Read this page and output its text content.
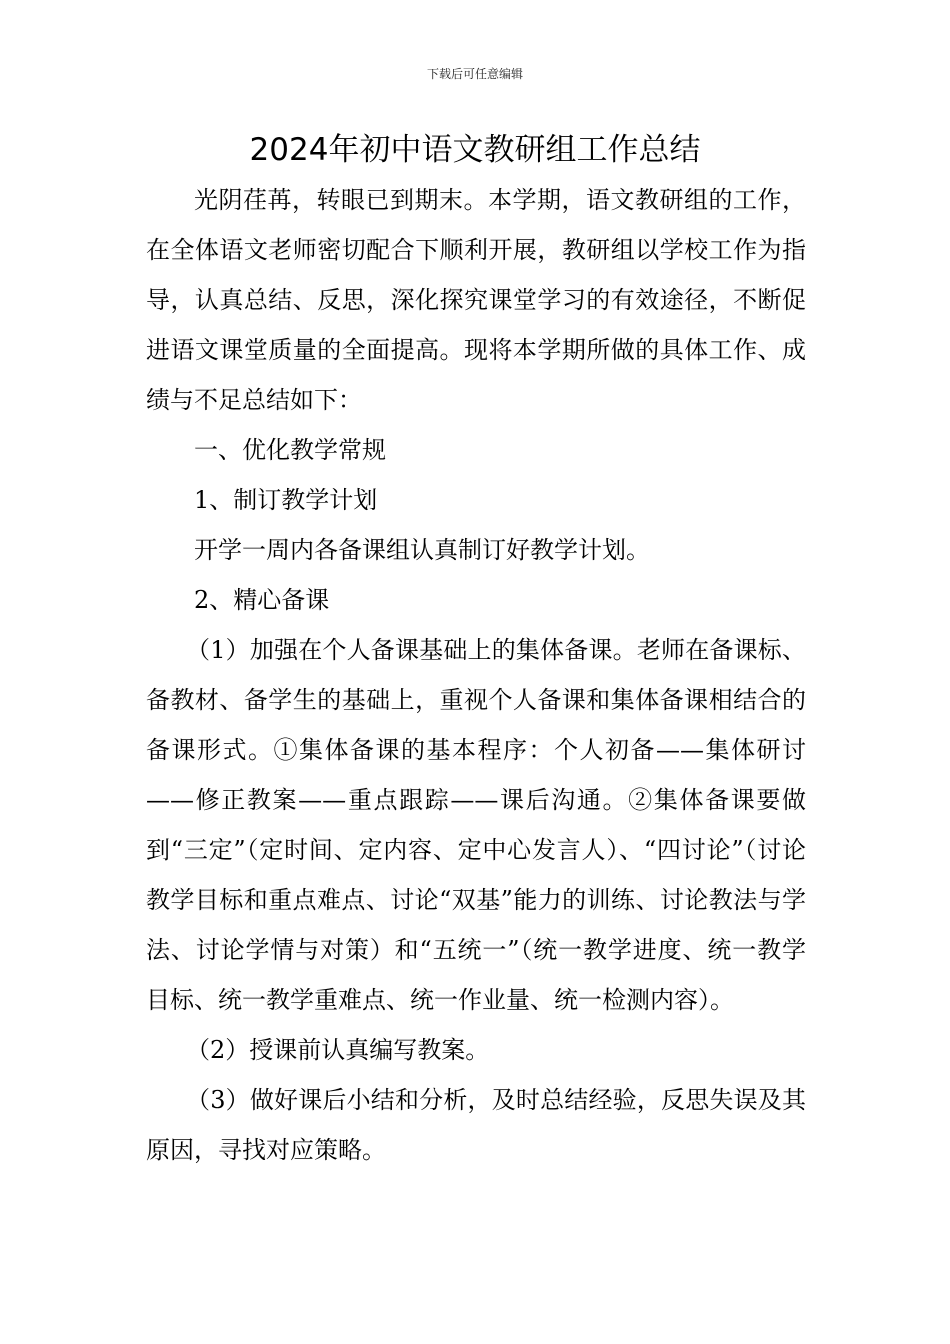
下载后可任意编辑
2024年初中语文教研组工作总结

光阴荏苒，转眼已到期末。本学期，语文教研组的工作，在全体语文老师密切配合下顺利开展，教研组以学校工作为指导，认真总结、反思，深化探究课堂学习的有效途径，不断促进语文课堂质量的全面提高。现将本学期所做的具体工作、成绩与不足总结如下：

一、优化教学常规

1、制订教学计划

开学一周内各备课组认真制订好教学计划。

2、精心备课

（1）加强在个人备课基础上的集体备课。老师在备课标、备教材、备学生的基础上，重视个人备课和集体备课相结合的备课形式。①集体备课的基本程序：个人初备——集体研讨——修正教案——重点跟踪——课后沟通。②集体备课要做到“三定”（定时间、定内容、定中心发言人）、“四讨论”（讨论教学目标和重点难点、讨论“双基”能力的训练、讨论教法与学法、讨论学情与对策）和“五统一”（统一教学进度、统一教学目标、统一教学重难点、统一作业量、统一检测内容）。

（2）授课前认真编写教案。

（3）做好课后小结和分析，及时总结经验，反思失误及其原因，寻找对应策略。
